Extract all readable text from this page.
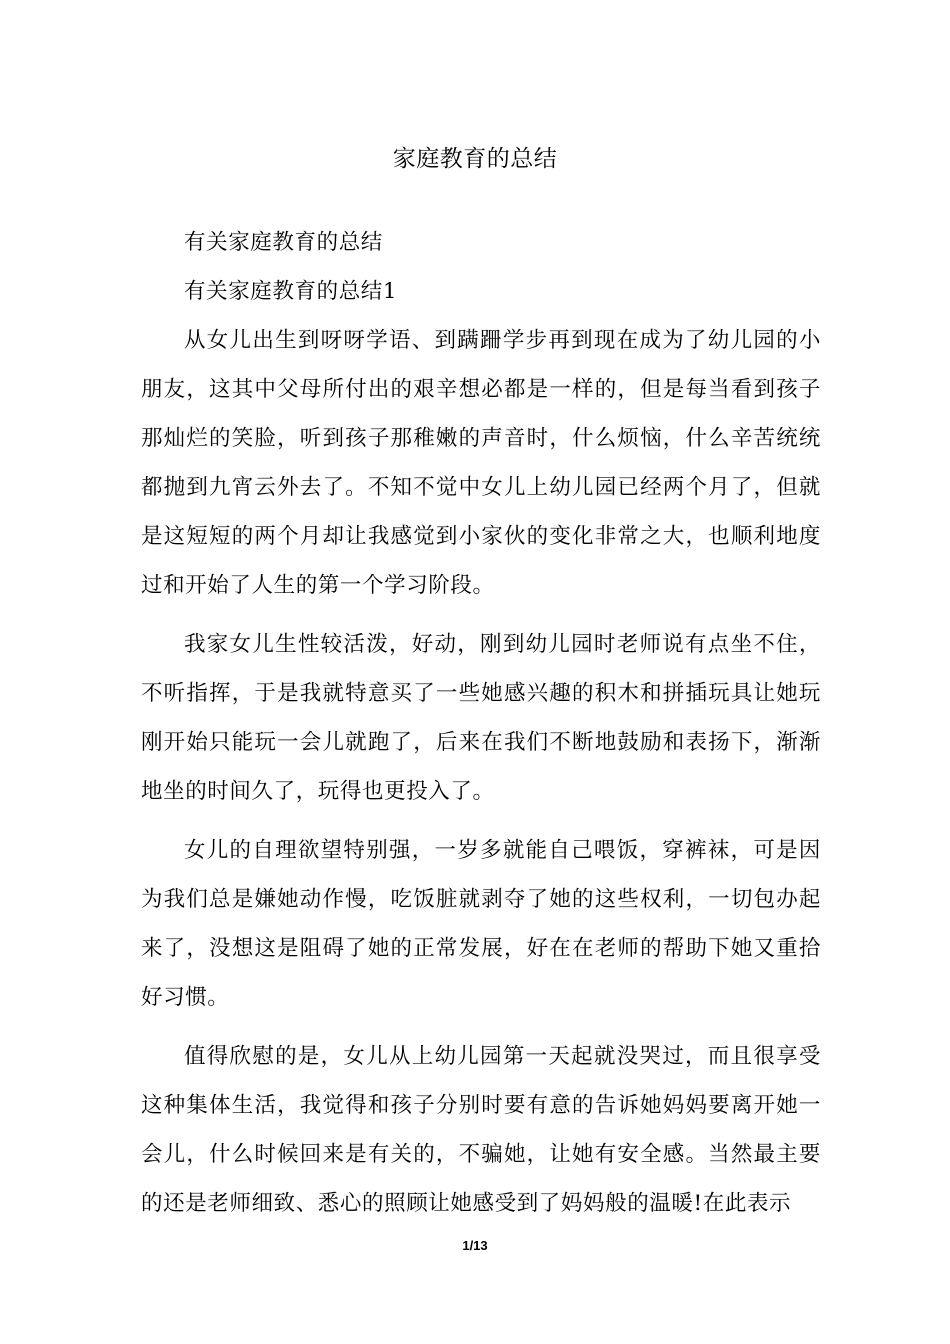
家庭教育的总结

有关家庭教育的总结

有关家庭教育的总结1

从女儿出生到呀呀学语、到蹒跚学步再到现在成为了幼儿园的小朋友，这其中父母所付出的艰辛想必都是一样的，但是每当看到孩子那灿烂的笑脸，听到孩子那稚嫩的声音时，什么烦恼，什么辛苦统统都抛到九宵云外去了。不知不觉中女儿上幼儿园已经两个月了，但就是这短短的两个月却让我感觉到小家伙的变化非常之大，也顺利地度过和开始了人生的第一个学习阶段。

我家女儿生性较活泼，好动，刚到幼儿园时老师说有点坐不住，不听指挥，于是我就特意买了一些她感兴趣的积木和拼插玩具让她玩刚开始只能玩一会儿就跑了，后来在我们不断地鼓励和表扬下，渐渐地坐的时间久了，玩得也更投入了。

女儿的自理欲望特别强，一岁多就能自己喂饭，穿裤袜，可是因为我们总是嫌她动作慢，吃饭脏就剥夺了她的这些权利，一切包办起来了，没想这是阻碍了她的正常发展，好在在老师的帮助下她又重拾好习惯。

值得欣慰的是，女儿从上幼儿园第一天起就没哭过，而且很享受这种集体生活，我觉得和孩子分别时要有意的告诉她妈妈要离开她一会儿，什么时候回来是有关的，不骗她，让她有安全感。当然最主要的还是老师细致、悉心的照顾让她感受到了妈妈般的温暖!在此表示

1/13
